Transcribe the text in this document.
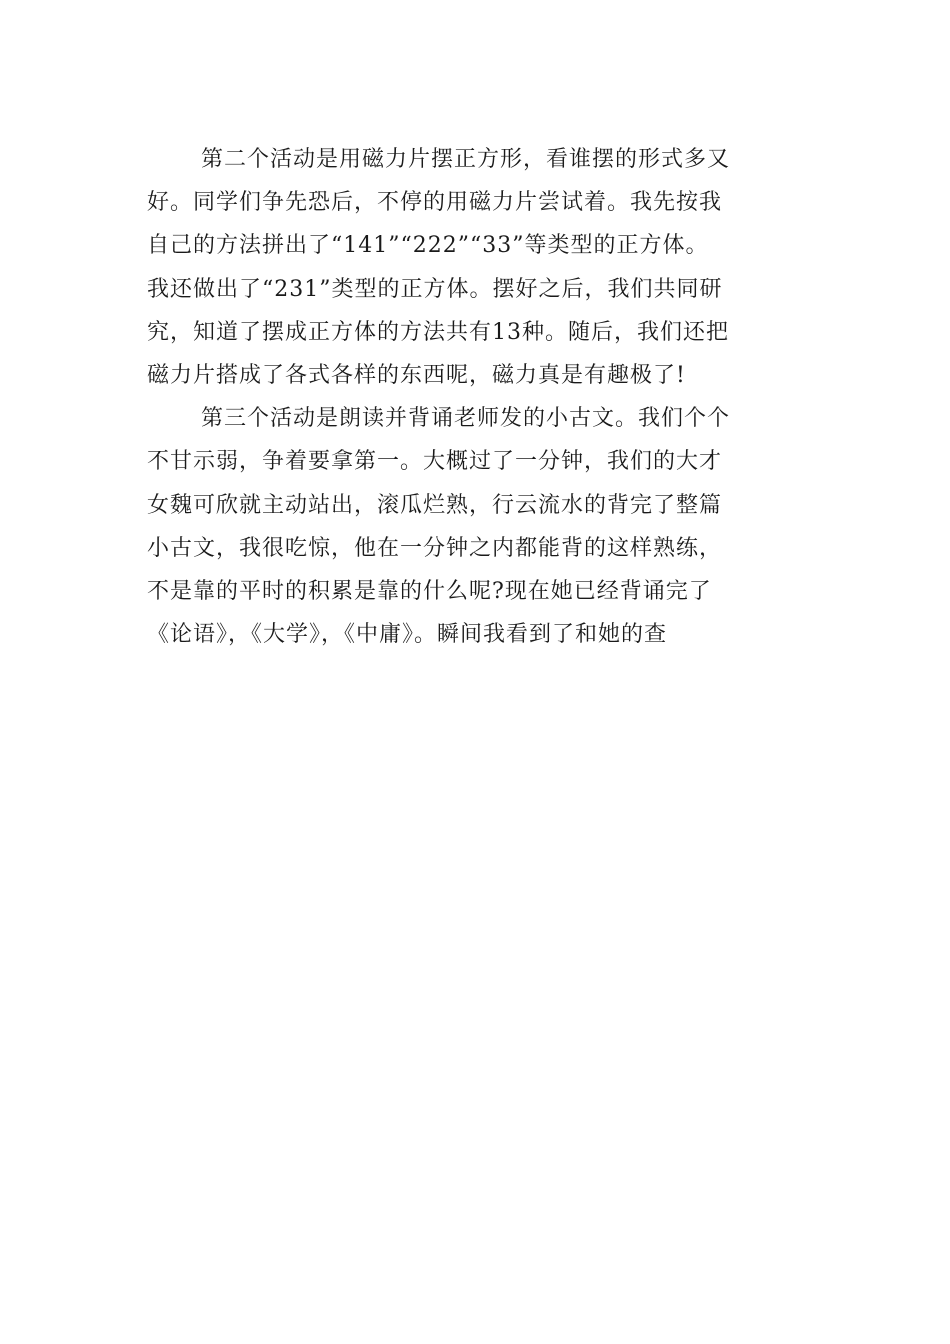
第二个活动是用磁力片摆正方形，看谁摆的形式多又
好。同学们争先恐后，不停的用磁力片尝试着。我先按我
自己的方法拼出了“141”“222”“33”等类型的正方体。
我还做出了“231”类型的正方体。摆好之后，我们共同研
究，知道了摆成正方体的方法共有13种。随后，我们还把
磁力片搭成了各式各样的东西呢，磁力真是有趣极了!
第三个活动是朗读并背诵老师发的小古文。我们个个
不甘示弱，争着要拿第一。大概过了一分钟，我们的大才
女魏可欣就主动站出，滚瓜烂熟，行云流水的背完了整篇
小古文，我很吃惊，他在一分钟之内都能背的这样熟练，
不是靠的平时的积累是靠的什么呢?现在她已经背诵完了
《论语》，《大学》，《中庸》。瞬间我看到了和她的查
